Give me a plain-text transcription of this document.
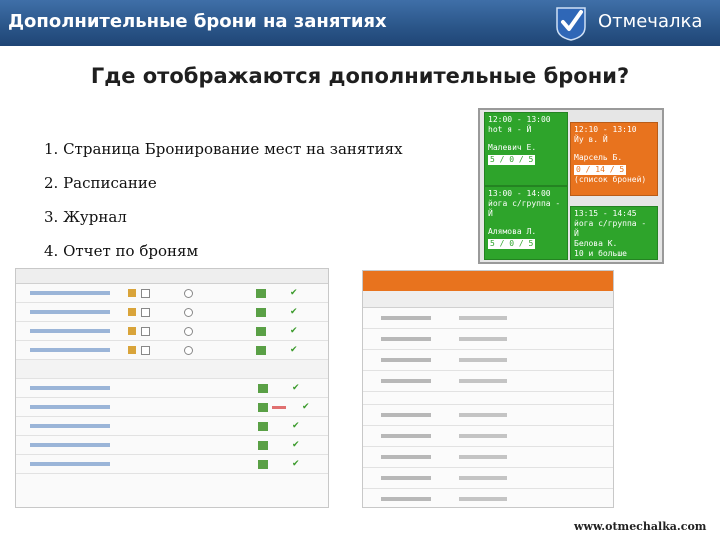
Дополнительные брони на занятиях	Отмечалка
Где отображаются дополнительные брони?
1. Страница Бронирование мест на занятиях
2. Расписание
3. Журнал
4. Отчет по броням
12:00 - 13:00
hot я - Й
Малевич Е.
5 / 0 / 5
12:10 - 13:10
Йу в. Й
Марсель Б.
0 / 14 / 5
(список броней)
13:00 - 14:00
йога с/группа - Й
Алямова Л.
5 / 0 / 5
13:15 - 14:45
йога с/группа - Й
Белова К.
10 и больше
✔
✔
✔
✔
✔
✔
✔
✔
✔
www.otmechalka.com
